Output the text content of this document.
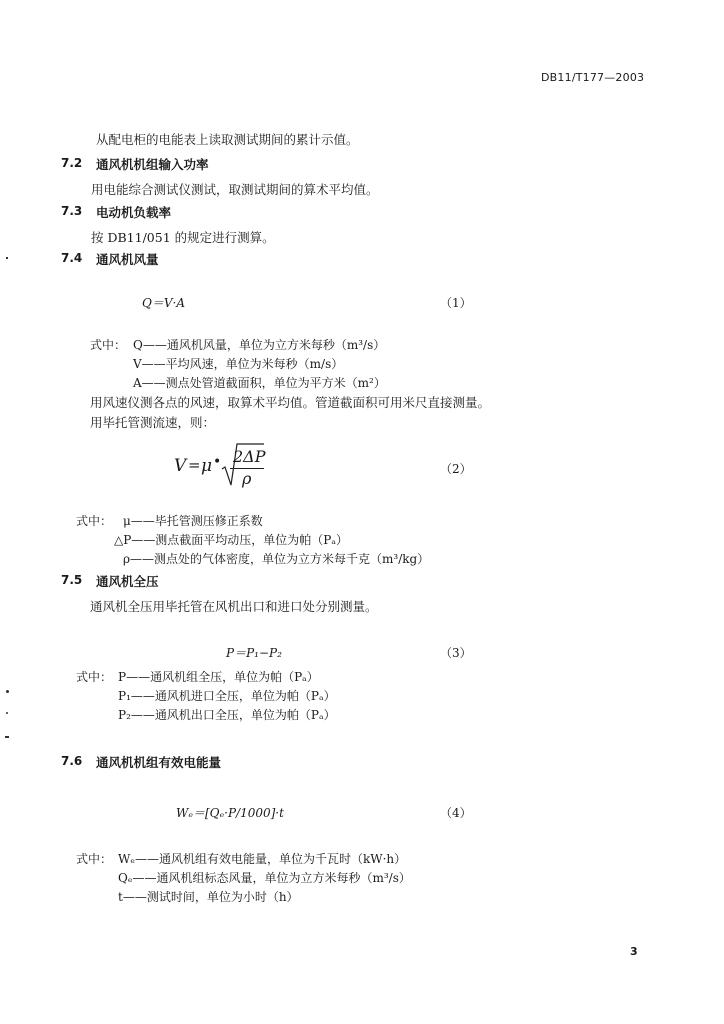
DB11/T177—2003
从配电柜的电能表上读取测试期间的累计示值。
7.2 通风机机组输入功率
用电能综合测试仪测试，取测试期间的算术平均值。
7.3 电动机负载率
按 DB11/051 的规定进行测算。
7.4 通风机风量
Q＝V·A	（1）
式中： Q——通风机风量，单位为立方米每秒（m³/s）
V——平均风速，单位为米每秒（m/s）
A——测点处管道截面积，单位为平方米（m²）
用风速仪测各点的风速，取算术平均值。管道截面积可用米尺直接测量。
用毕托管测流速，则：
V = μ • 2ΔP
ρ	（2）
式中： μ——毕托管测压修正系数
△P——测点截面平均动压，单位为帕（Pₐ）
ρ——测点处的气体密度，单位为立方米每千克（m³/kg）
7.5 通风机全压
通风机全压用毕托管在风机出口和进口处分别测量。
P＝P₁−P₂	（3）
式中： P——通风机组全压，单位为帕（Pₐ）
P₁——通风机进口全压，单位为帕（Pₐ）
P₂——通风机出口全压，单位为帕（Pₐ）
7.6 通风机机组有效电能量
Wₑ＝[Qₑ·P/1000]·t	（4）
式中： Wₑ——通风机组有效电能量，单位为千瓦时（kW·h）
Qₑ——通风机组标态风量，单位为立方米每秒（m³/s）
t——测试时间，单位为小时（h）
3
